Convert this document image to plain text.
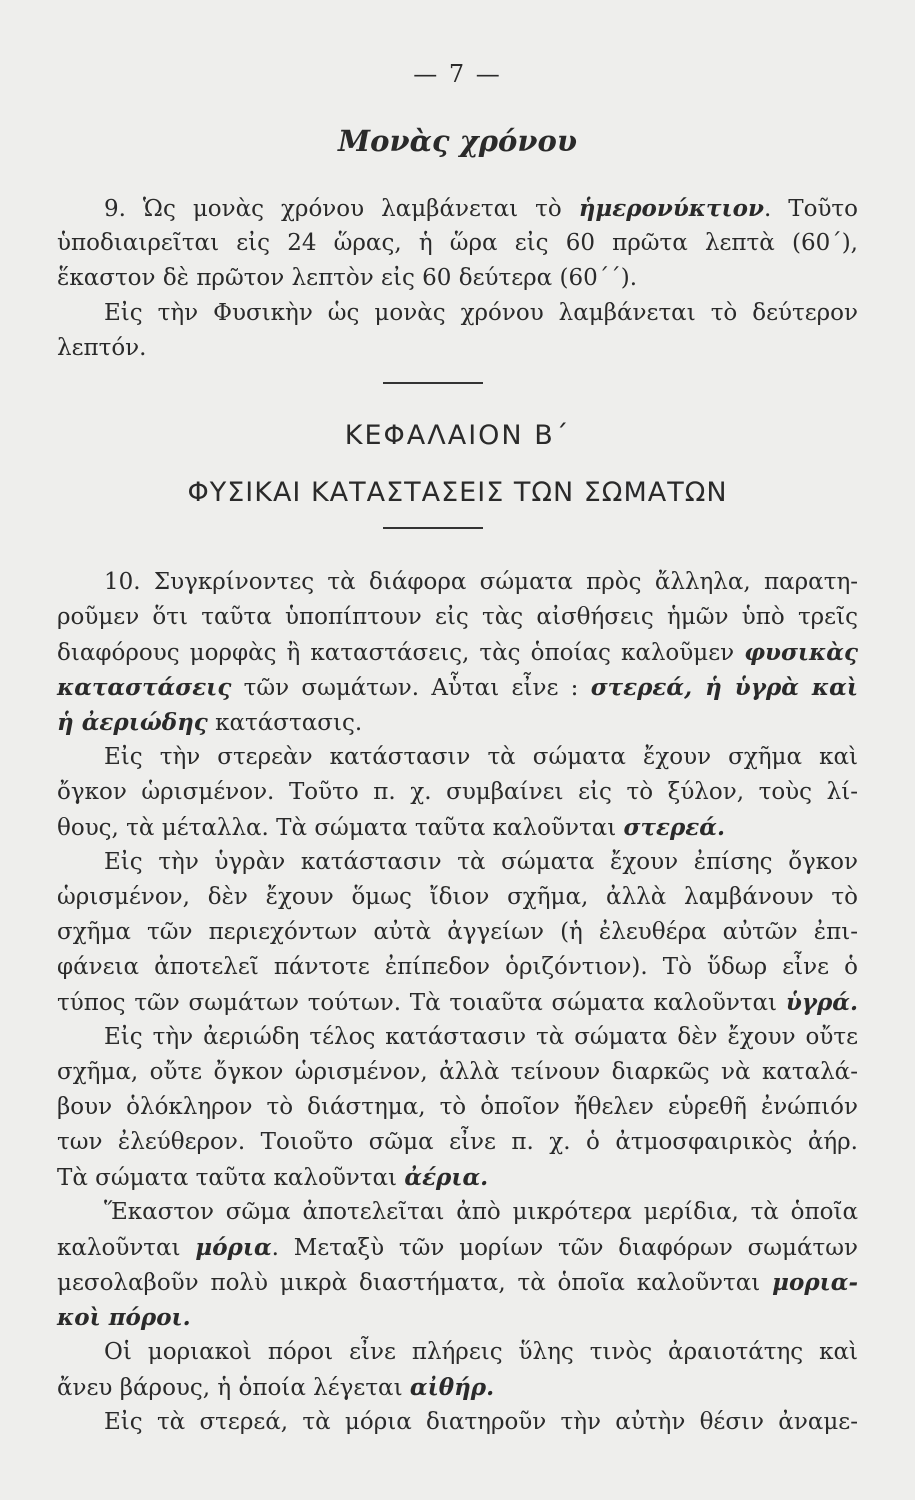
— 7 —
Μονὰς χρόνου
9. Ὡς μονὰς χρόνου λαμβάνεται τὸ ἡμερονύκτιον. Τοῦτο
ὑποδιαιρεῖται εἰς 24 ὥρας, ἡ ὥρα εἰς 60 πρῶτα λεπτὰ (60΄),
ἕκαστον δὲ πρῶτον λεπτὸν εἰς 60 δεύτερα (60΄΄).
Εἰς τὴν Φυσικὴν ὡς μονὰς χρόνου λαμβάνεται τὸ δεύτερον
λεπτόν.
ΚΕΦΑΛΑΙΟΝ Β΄
ΦΥΣΙΚΑΙ ΚΑΤΑΣΤΑΣΕΙΣ ΤΩΝ ΣΩΜΑΤΩΝ
10. Συγκρίνοντες τὰ διάφορα σώματα πρὸς ἄλληλα, παρατη-
ροῦμεν ὅτι ταῦτα ὑποπίπτουν εἰς τὰς αἰσθήσεις ἡμῶν ὑπὸ τρεῖς
διαφόρους μορφὰς ἢ καταστάσεις, τὰς ὁποίας καλοῦμεν φυσικὰς
καταστάσεις τῶν σωμάτων. Αὗται εἶνε : στερεά, ἡ ὑγρὰ καὶ
ἡ ἀεριώδης κατάστασις.
Εἰς τὴν στερεὰν κατάστασιν τὰ σώματα ἔχουν σχῆμα καὶ
ὄγκον ὡρισμένον. Τοῦτο π. χ. συμβαίνει εἰς τὸ ξύλον, τοὺς λί-
θους, τὰ μέταλλα. Τὰ σώματα ταῦτα καλοῦνται στερεά.
Εἰς τὴν ὑγρὰν κατάστασιν τὰ σώματα ἔχουν ἐπίσης ὄγκον
ὡρισμένον, δὲν ἔχουν ὅμως ἴδιον σχῆμα, ἀλλὰ λαμβάνουν τὸ
σχῆμα τῶν περιεχόντων αὐτὰ ἀγγείων (ἡ ἐλευθέρα αὐτῶν ἐπι-
φάνεια ἀποτελεῖ πάντοτε ἐπίπεδον ὁριζόντιον). Τὸ ὕδωρ εἶνε ὁ
τύπος τῶν σωμάτων τούτων. Τὰ τοιαῦτα σώματα καλοῦνται ὑγρά.
Εἰς τὴν ἀεριώδη τέλος κατάστασιν τὰ σώματα δὲν ἔχουν οὔτε
σχῆμα, οὔτε ὄγκον ὡρισμένον, ἀλλὰ τείνουν διαρκῶς νὰ καταλά-
βουν ὁλόκληρον τὸ διάστημα, τὸ ὁποῖον ἤθελεν εὑρεθῆ ἐνώπιόν
των ἐλεύθερον. Τοιοῦτο σῶμα εἶνε π. χ. ὁ ἀτμοσφαιρικὸς ἀήρ.
Τὰ σώματα ταῦτα καλοῦνται ἀέρια.
Ἕκαστον σῶμα ἀποτελεῖται ἀπὸ μικρότερα μερίδια, τὰ ὁποῖα
καλοῦνται μόρια. Μεταξὺ τῶν μορίων τῶν διαφόρων σωμάτων
μεσολαβοῦν πολὺ μικρὰ διαστήματα, τὰ ὁποῖα καλοῦνται μορια-
κοὶ πόροι.
Οἱ μοριακοὶ πόροι εἶνε πλήρεις ὕλης τινὸς ἀραιοτάτης καὶ
ἄνευ βάρους, ἡ ὁποία λέγεται αἰθήρ.
Εἰς τὰ στερεά, τὰ μόρια διατηροῦν τὴν αὐτὴν θέσιν ἀναμε-
